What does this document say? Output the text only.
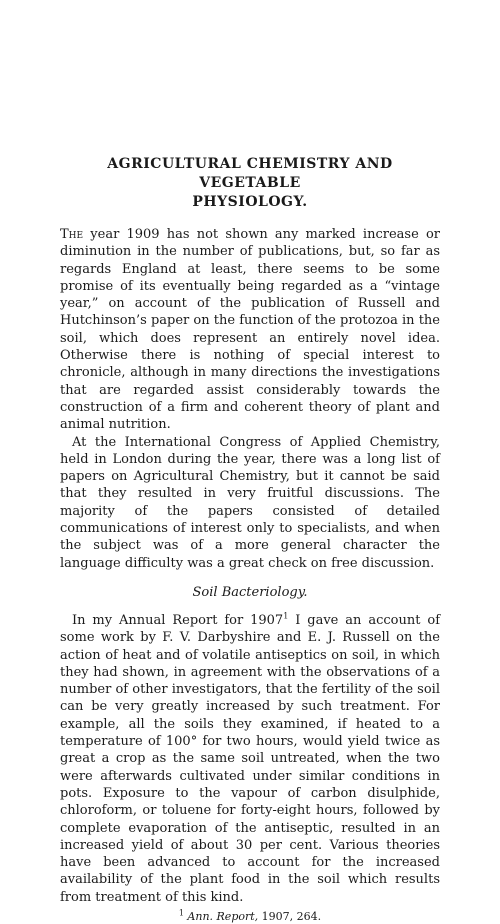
AGRICULTURAL CHEMISTRY AND VEGETABLE
PHYSIOLOGY.

The year 1909 has not shown any marked increase or diminution in the number of publications, but, so far as regards England at least, there seems to be some promise of its eventually being regarded as a “vintage year,” on account of the publication of Russell and Hutchinson’s paper on the function of the protozoa in the soil, which does represent an entirely novel idea. Otherwise there is nothing of special interest to chronicle, although in many directions the investigations that are regarded assist considerably towards the construction of a firm and coherent theory of plant and animal nutrition.

At the International Congress of Applied Chemistry, held in London during the year, there was a long list of papers on Agricultural Chemistry, but it cannot be said that they resulted in very fruitful discussions. The majority of the papers consisted of detailed communications of interest only to specialists, and when the subject was of a more general character the language difficulty was a great check on free discussion.

Soil Bacteriology.

In my Annual Report for 1907$^1$ I gave an account of some work by F. V. Darbyshire and E. J. Russell on the action of heat and of volatile antiseptics on soil, in which they had shown, in agreement with the observations of a number of other investigators, that the fertility of the soil can be very greatly increased by such treatment. For example, all the soils they examined, if heated to a temperature of 100° for two hours, would yield twice as great a crop as the same soil untreated, when the two were afterwards cultivated under similar conditions in pots. Exposure to the vapour of carbon disulphide, chloroform, or toluene for forty-eight hours, followed by complete evaporation of the antiseptic, resulted in an increased yield of about 30 per cent. Various theories have been advanced to account for the increased availability of the plant food in the soil which results from treatment of this kind.

$^1$ Ann. Report, 1907, 264.
